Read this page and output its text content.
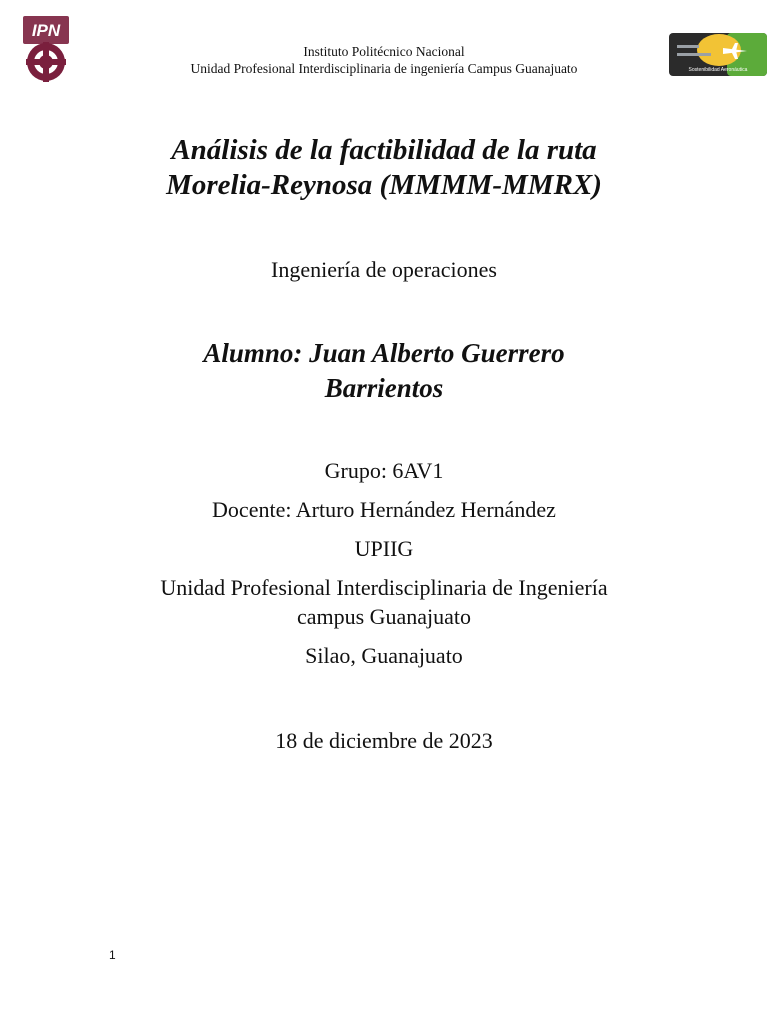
IPN
Instituto Politécnico Nacional
Unidad Profesional Interdisciplinaria de ingeniería Campus Guanajuato	Sostenibilidad Aeronáutica
Análisis de la factibilidad de la ruta
Morelia-Reynosa (MMMM-MMRX)
Ingeniería de operaciones
Alumno: Juan Alberto Guerrero
Barrientos

Grupo: 6AV1

Docente: Arturo Hernández Hernández

UPIIG

Unidad Profesional Interdisciplinaria de Ingeniería
campus Guanajuato

Silao, Guanajuato

18 de diciembre de 2023
1
